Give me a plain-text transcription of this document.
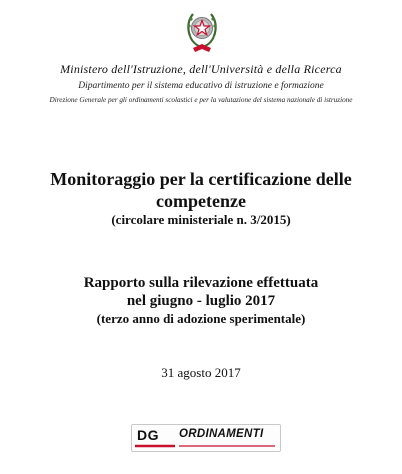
Ministero dell'Istruzione, dell'Università e della Ricerca
Dipartimento per il sistema educativo di istruzione e formazione
Direzione Generale per gli ordinamenti scolastici e per la valutazione del sistema nazionale di istruzione
Monitoraggio per la certificazione delle
competenze
(circolare ministeriale n. 3/2015)
Rapporto sulla rilevazione effettuata
nel giugno - luglio 2017
(terzo anno di adozione sperimentale)
31 agosto 2017
DG ORDINAMENTI
